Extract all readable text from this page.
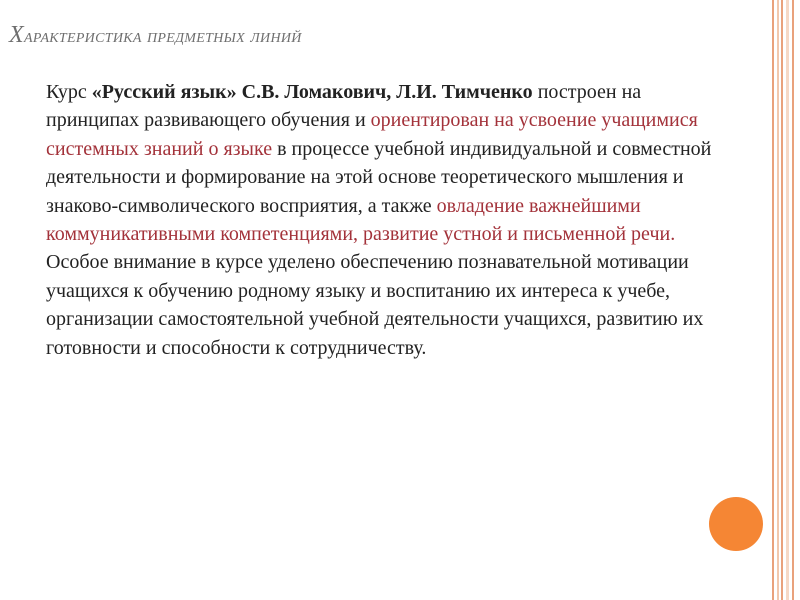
Характеристика предметных линий

Курс «Русский язык» С.В. Ломакович, Л.И. Тимченко построен на принципах развивающего обучения и ориентирован на усвоение учащимися системных знаний о языке в процессе учебной индивидуальной и совместной деятельности и формирование на этой основе теоретического мышления и знаково-символического восприятия, а также овладение важнейшими коммуникативными компетенциями, развитие устной и письменной речи. Особое внимание в курсе уделено обеспечению познавательной мотивации учащихся к обучению родному языку и воспитанию их интереса к учебе, организации самостоятельной учебной деятельности учащихся, развитию их готовности и способности к сотрудничеству.
